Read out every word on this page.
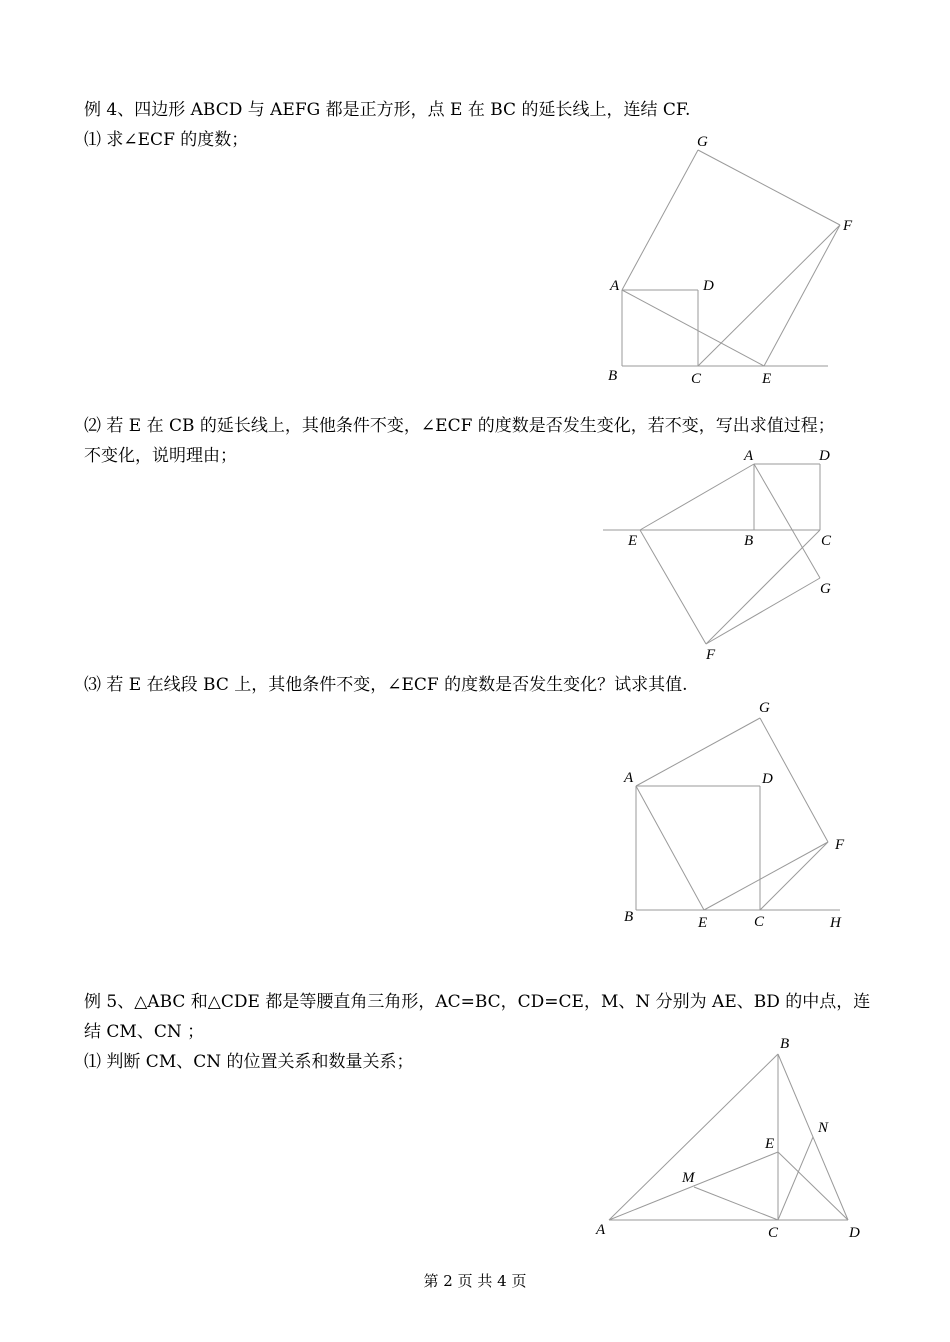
例 4、四边形 ABCD 与 AEFG 都是正方形，点 E 在 BC 的延长线上，连结 CF.
⑴ 求∠ECF 的度数；	G
F
A	D
B	C	E
⑵ 若 E 在 CB 的延长线上，其他条件不变，∠ECF 的度数是否发生变化，若不变，写出求值过程；
不变化，说明理由；	A	D
E	B	C
G
F
⑶ 若 E 在线段 BC 上，其他条件不变，∠ECF 的度数是否发生变化？试求其值.
G
A	D
F
B	E	C	H
例 5、△ABC 和△CDE 都是等腰直角三角形，AC=BC，CD=CE，M、N 分别为 AE、BD 的中点，连
结 CM、CN ；
⑴ 判断 CM、CN 的位置关系和数量关系；
B
N
E
M
A	C	D
第 2 页 共 4 页
